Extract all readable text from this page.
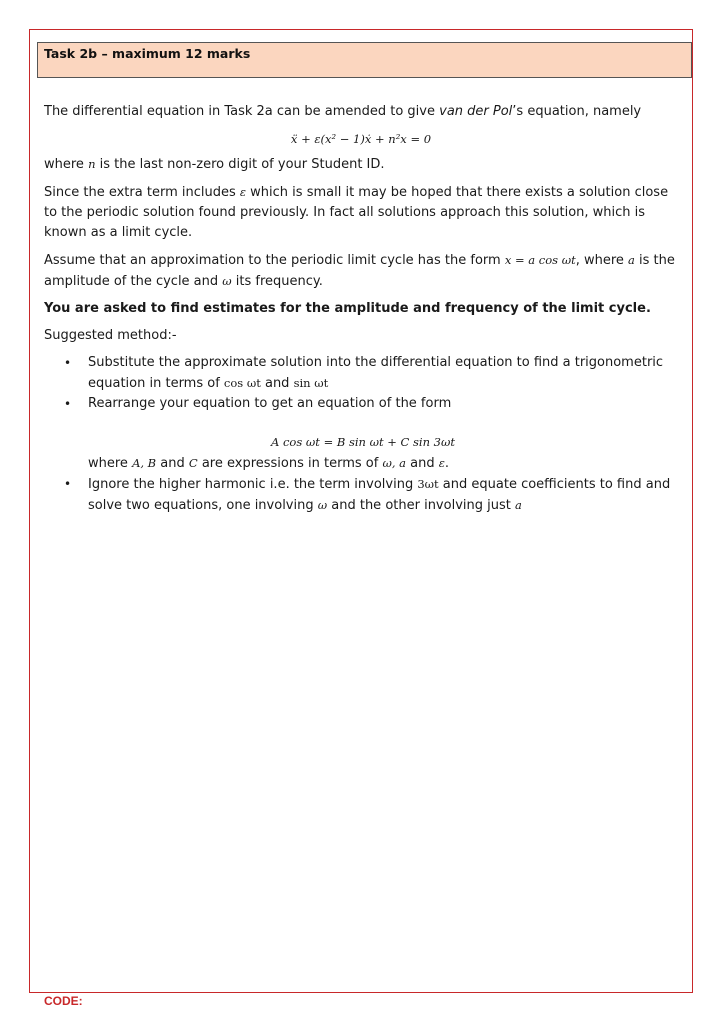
Task 2b – maximum 12 marks

The differential equation in Task 2a can be amended to give van der Pol’s equation, namely

ẍ + ε(x² − 1)ẋ + n²x = 0

where n is the last non-zero digit of your Student ID.

Since the extra term includes ε which is small it may be hoped that there exists a solution close to the periodic solution found previously. In fact all solutions approach this solution, which is known as a limit cycle.

Assume that an approximation to the periodic limit cycle has the form x = a cos ωt, where a is the amplitude of the cycle and ω its frequency.

You are asked to find estimates for the amplitude and frequency of the limit cycle.

Suggested method:-

• Substitute the approximate solution into the differential equation to find a trigonometric equation in terms of cos ωt and sin ωt
• Rearrange your equation to get an equation of the form
A cos ωt = B sin ωt + C sin 3ωt
where A, B and C are expressions in terms of ω, a and ε.
• Ignore the higher harmonic i.e. the term involving 3ωt and equate coefficients to find and solve two equations, one involving ω and the other involving just a
CODE:
